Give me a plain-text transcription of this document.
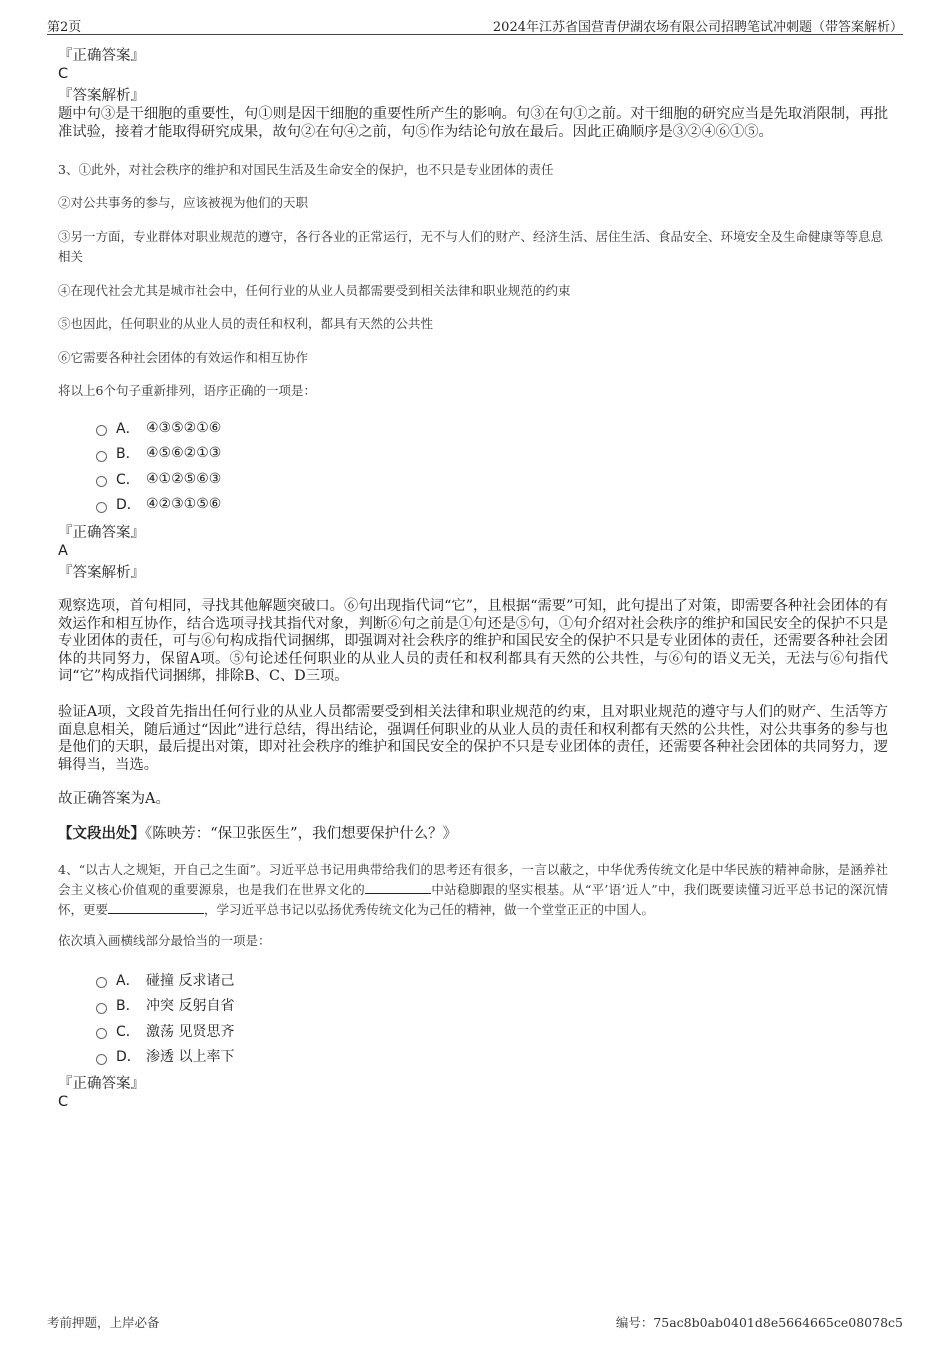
第2页	2024年江苏省国营青伊湖农场有限公司招聘笔试冲刺题（带答案解析）
『正确答案』
C
『答案解析』
题中句③是干细胞的重要性，句①则是因干细胞的重要性所产生的影响。句③在句①之前。对干细胞的研究应当是先取消限制，再批准试验，接着才能取得研究成果，故句②在句④之前，句⑤作为结论句放在最后。因此正确顺序是③②④⑥①⑤。
3、①此外，对社会秩序的维护和对国民生活及生命安全的保护，也不只是专业团体的责任
②对公共事务的参与，应该被视为他们的天职
③另一方面，专业群体对职业规范的遵守，各行各业的正常运行，无不与人们的财产、经济生活、居住生活、食品安全、环境安全及生命健康等等息息相关
④在现代社会尤其是城市社会中，任何行业的从业人员都需要受到相关法律和职业规范的约束
⑤也因此，任何职业的从业人员的责任和权利，都具有天然的公共性
⑥它需要各种社会团体的有效运作和相互协作
将以上6个句子重新排列，语序正确的一项是：
A． ④③⑤②①⑥
B． ④⑤⑥②①③
C． ④①②⑤⑥③
D． ④②③①⑤⑥
『正确答案』
A
『答案解析』
观察选项，首句相同，寻找其他解题突破口。⑥句出现指代词“它”，且根据“需要”可知，此句提出了对策，即需要各种社会团体的有效运作和相互协作，结合选项寻找其指代对象，判断⑥句之前是①句还是⑤句，①句介绍对社会秩序的维护和国民安全的保护不只是专业团体的责任，可与⑥句构成指代词捆绑，即强调对社会秩序的维护和国民安全的保护不只是专业团体的责任，还需要各种社会团体的共同努力，保留A项。⑤句论述任何职业的从业人员的责任和权利都具有天然的公共性，与⑥句的语义无关，无法与⑥句指代词“它”构成指代词捆绑，排除B、C、D三项。
验证A项，文段首先指出任何行业的从业人员都需要受到相关法律和职业规范的约束，且对职业规范的遵守与人们的财产、生活等方面息息相关，随后通过“因此”进行总结，得出结论，强调任何职业的从业人员的责任和权利都有天然的公共性，对公共事务的参与也是他们的天职，最后提出对策，即对社会秩序的维护和国民安全的保护不只是专业团体的责任，还需要各种社会团体的共同努力，逻辑得当，当选。
故正确答案为A。
【文段出处】《陈映芳：“保卫张医生”，我们想要保护什么？》
4、“以古人之规矩，开自己之生面”。习近平总书记用典带给我们的思考还有很多，一言以蔽之，中华优秀传统文化是中华民族的精神命脉，是涵养社会主义核心价值观的重要源泉，也是我们在世界文化的	中站稳脚跟的坚实根基。从“平’语’近人”中，我们既要读懂习近平总书记的深沉情怀，更要	，学习近平总书记以弘扬优秀传统文化为己任的精神，做一个堂堂正正的中国人。
依次填入画横线部分最恰当的一项是：
A． 碰撞 反求诸己
B． 冲突 反躬自省
C． 激荡 见贤思齐
D． 渗透 以上率下
『正确答案』
C
考前押题，上岸必备	编号：75ac8b0ab0401d8e5664665ce08078c5
